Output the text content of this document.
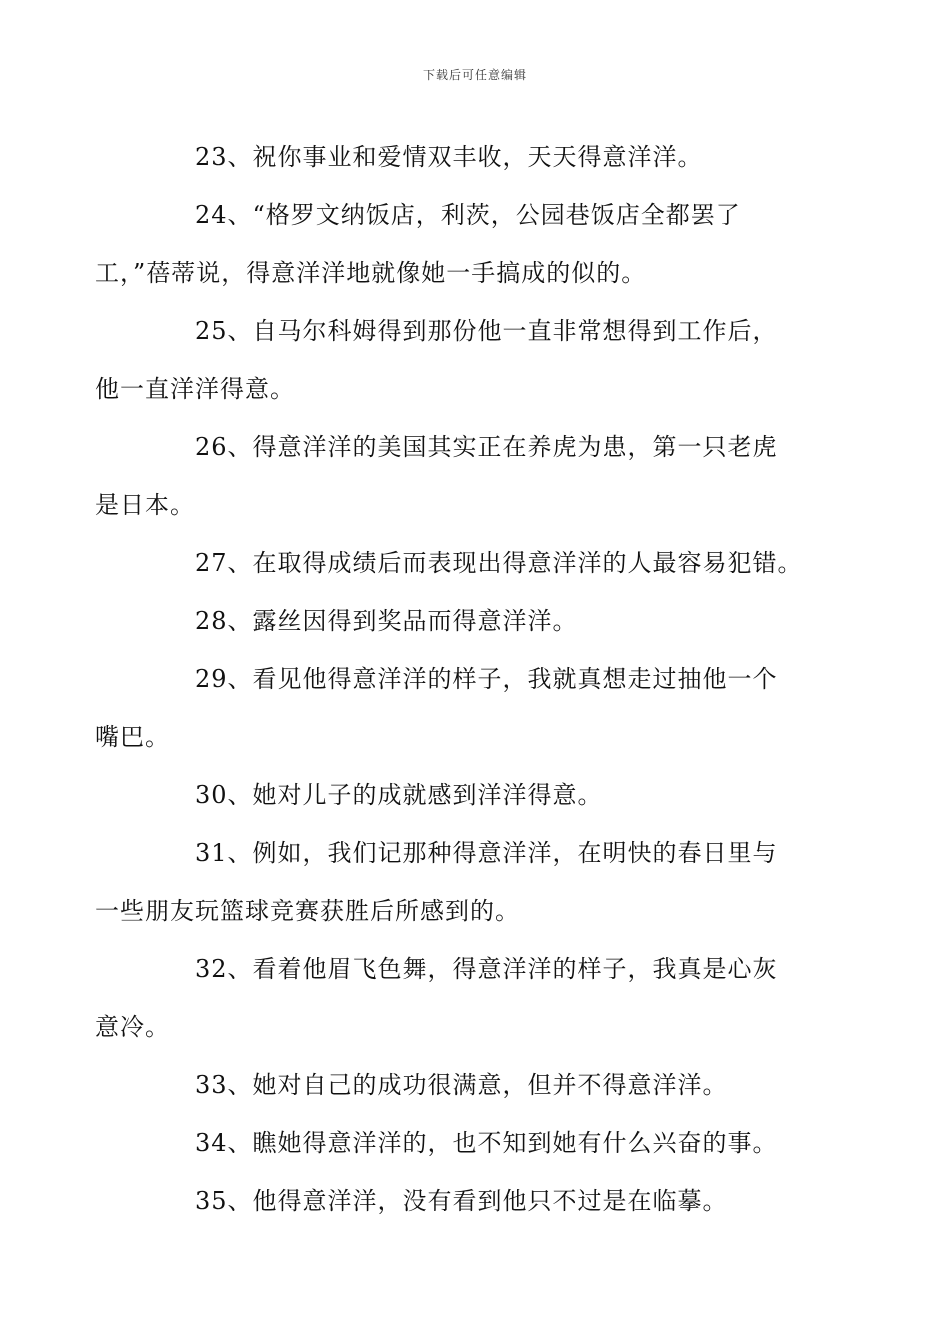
下载后可任意编辑

23、祝你事业和爱情双丰收，天天得意洋洋。

24、“格罗文纳饭店，利茨，公园巷饭店全都罢了
工，”蓓蒂说，得意洋洋地就像她一手搞成的似的。

25、自马尔科姆得到那份他一直非常想得到工作后，
他一直洋洋得意。

26、得意洋洋的美国其实正在养虎为患，第一只老虎
是日本。

27、在取得成绩后而表现出得意洋洋的人最容易犯错。

28、露丝因得到奖品而得意洋洋。

29、看见他得意洋洋的样子，我就真想走过抽他一个
嘴巴。

30、她对儿子的成就感到洋洋得意。

31、例如，我们记那种得意洋洋，在明快的春日里与
一些朋友玩篮球竞赛获胜后所感到的。

32、看着他眉飞色舞，得意洋洋的样子，我真是心灰
意冷。

33、她对自己的成功很满意，但并不得意洋洋。

34、瞧她得意洋洋的，也不知到她有什么兴奋的事。

35、他得意洋洋，没有看到他只不过是在临摹。
